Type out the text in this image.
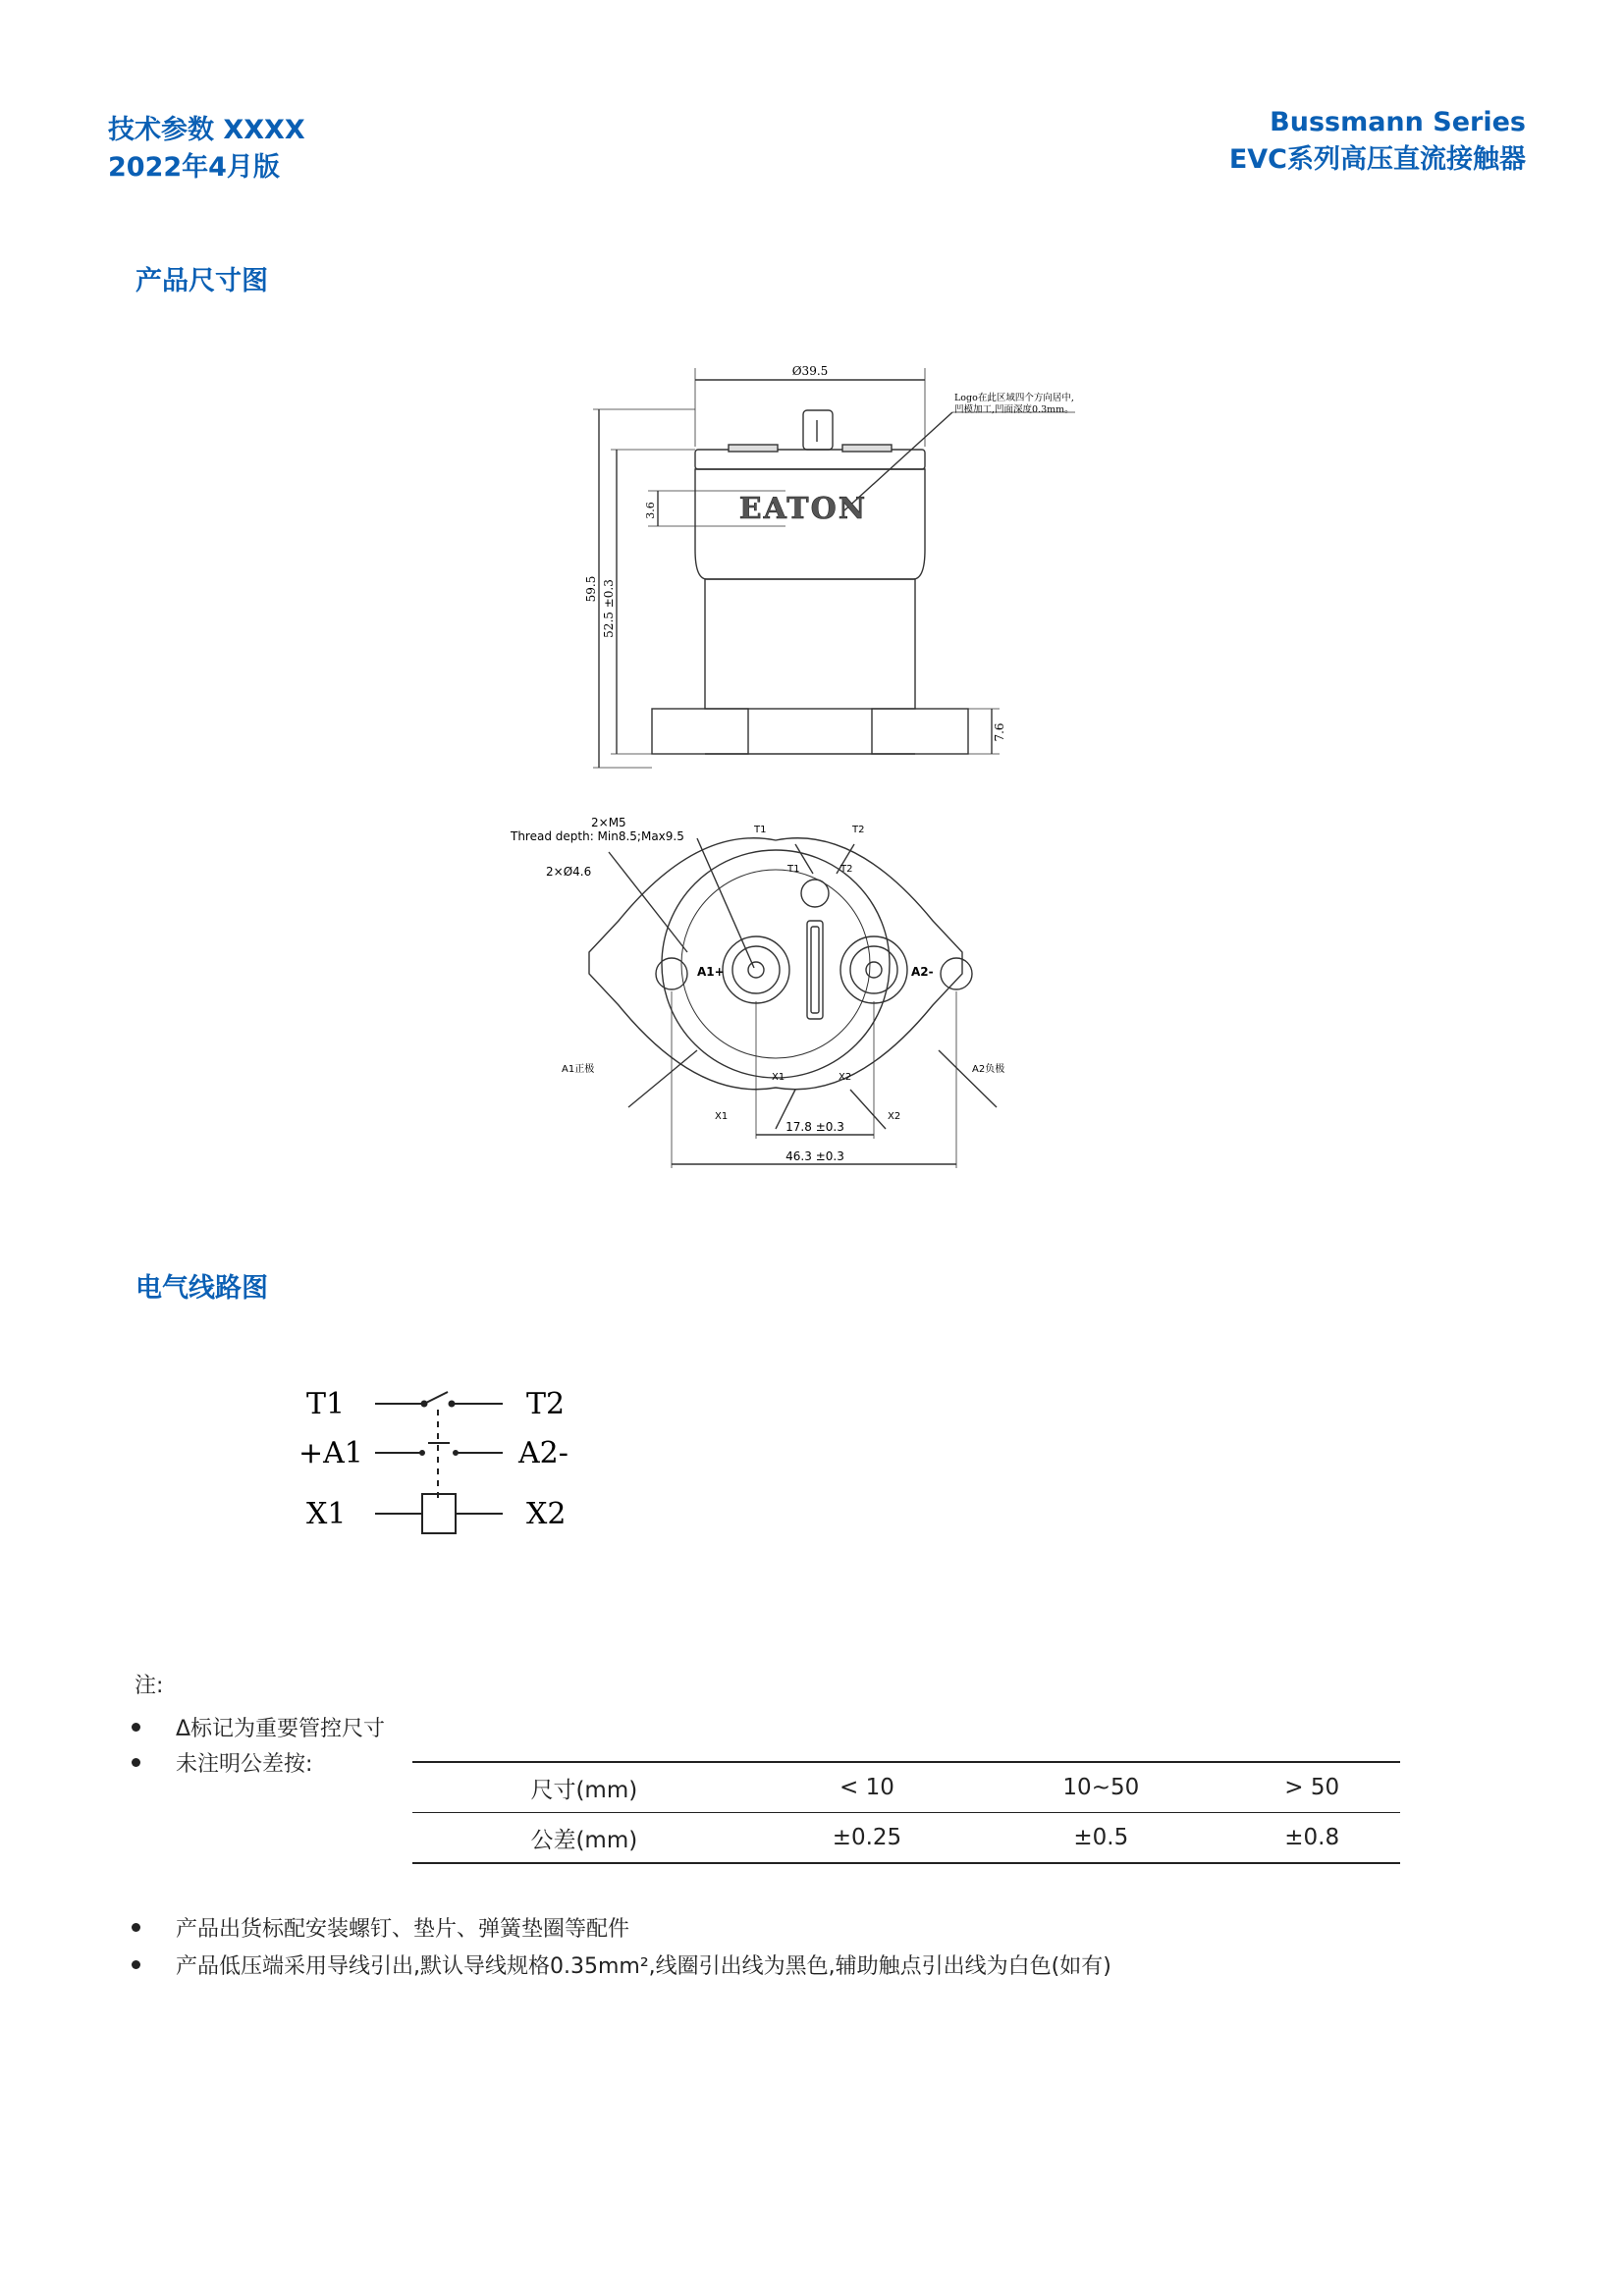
技术参数 XXXX
2022年4月版
Bussmann Series
EVC系列高压直流接触器
产品尺寸图
Ø39.5
Logo在此区域四个方向居中,
凹模加工,凹面深度0.3mm。
EATON
3.6
59.5 52.5 ±0.3
7.6
2×M5
Thread depth: Min8.5;Max9.5
2×Ø4.6
T1	T2
T1	T2
A1+	A2-
X1	X2
X1	X2
A1正极	A2负极
17.8 ±0.3
46.3 ±0.3
电气线路图
T1	T2
+A1	A2-
X1	X2
注:
Δ标记为重要管控尺寸
未注明公差按:
尺寸(mm)	< 10	10~50	> 50
公差(mm)	±0.25	±0.5	±0.8
产品出货标配安装螺钉、垫片、弹簧垫圈等配件
产品低压端采用导线引出,默认导线规格0.35mm²,线圈引出线为黑色,辅助触点引出线为白色(如有)
